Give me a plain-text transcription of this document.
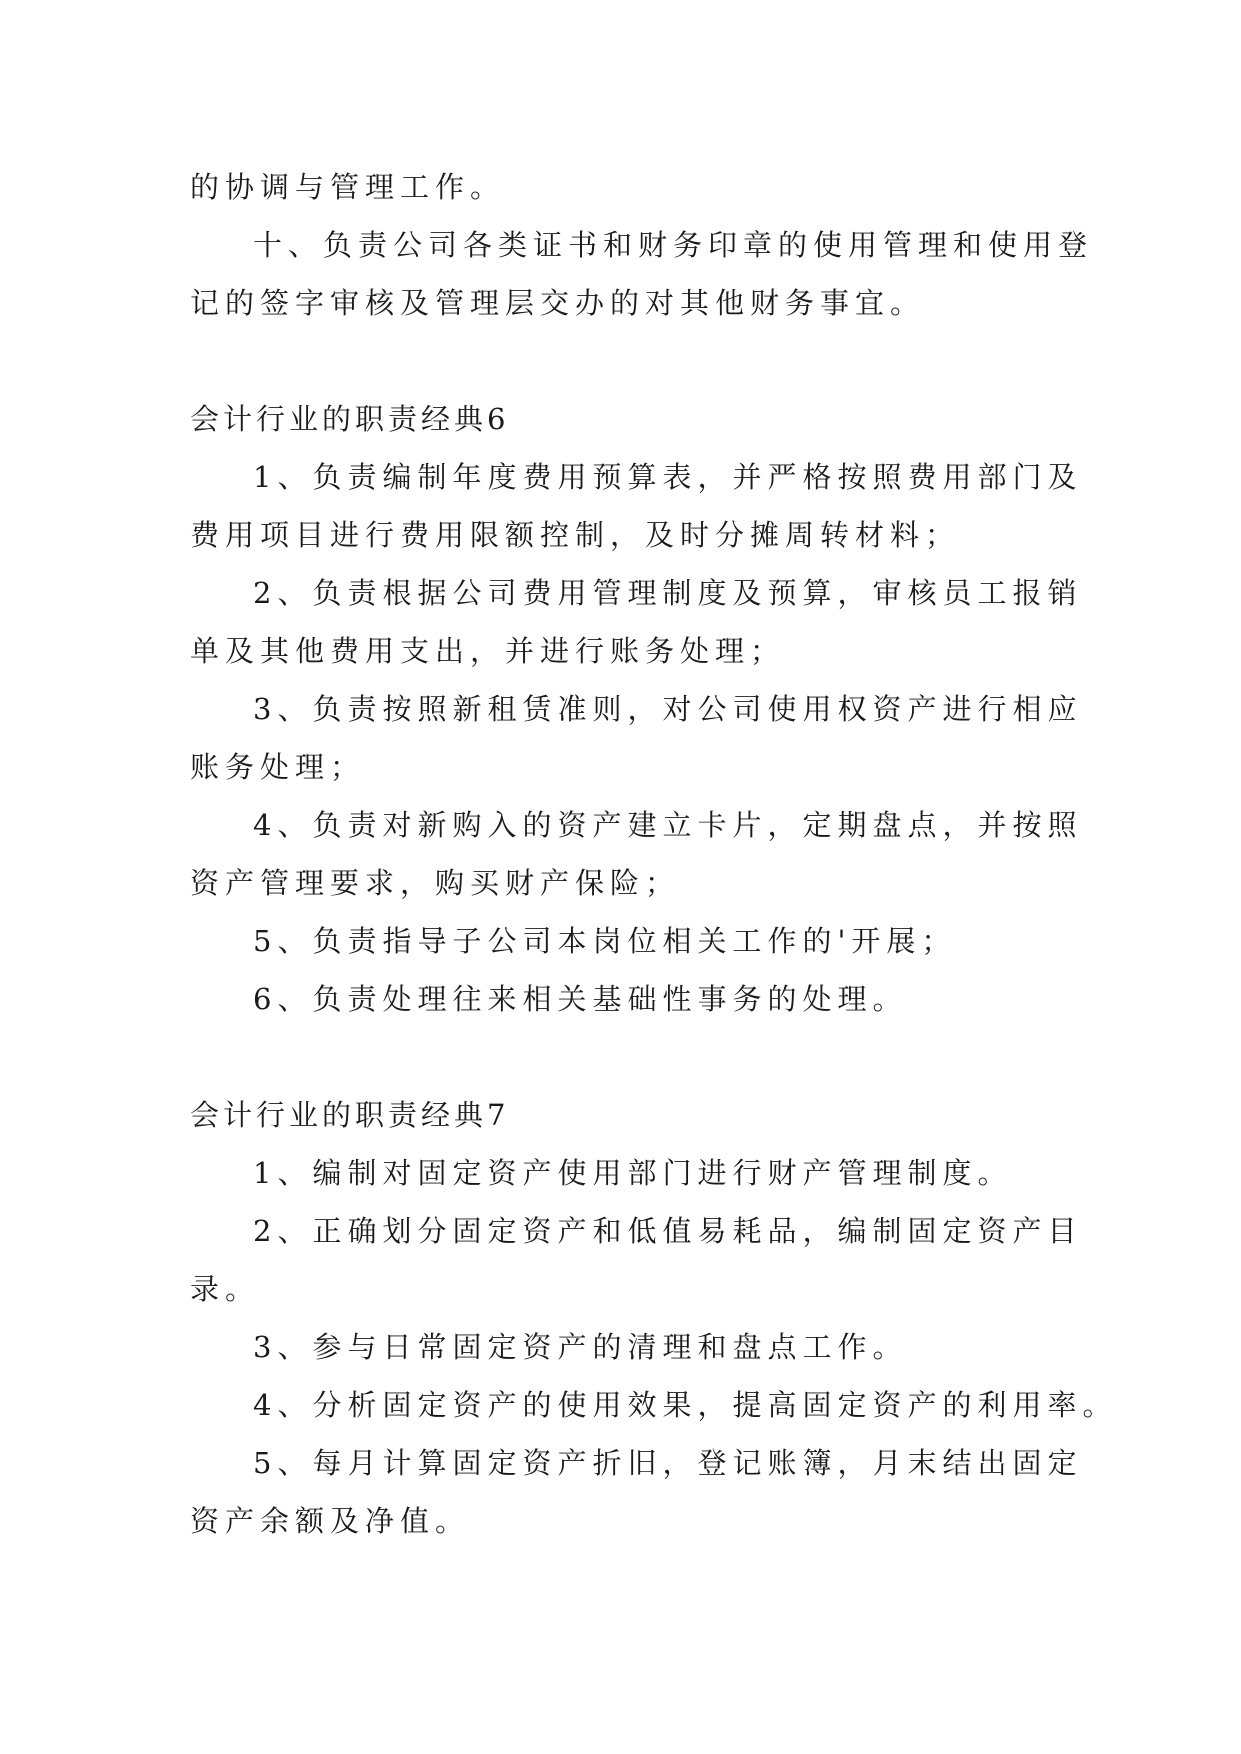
的协调与管理工作。

十、负责公司各类证书和财务印章的使用管理和使用登

记的签字审核及管理层交办的对其他财务事宜。

会计行业的职责经典6

1、负责编制年度费用预算表，并严格按照费用部门及

费用项目进行费用限额控制，及时分摊周转材料；

2、负责根据公司费用管理制度及预算，审核员工报销

单及其他费用支出，并进行账务处理；

3、负责按照新租赁准则，对公司使用权资产进行相应

账务处理；

4、负责对新购入的资产建立卡片，定期盘点，并按照

资产管理要求，购买财产保险；

5、负责指导子公司本岗位相关工作的'开展；

6、负责处理往来相关基础性事务的处理。

会计行业的职责经典7

1、编制对固定资产使用部门进行财产管理制度。

2、正确划分固定资产和低值易耗品，编制固定资产目

录。

3、参与日常固定资产的清理和盘点工作。

4、分析固定资产的使用效果，提高固定资产的利用率。

5、每月计算固定资产折旧，登记账簿，月末结出固定

资产余额及净值。
